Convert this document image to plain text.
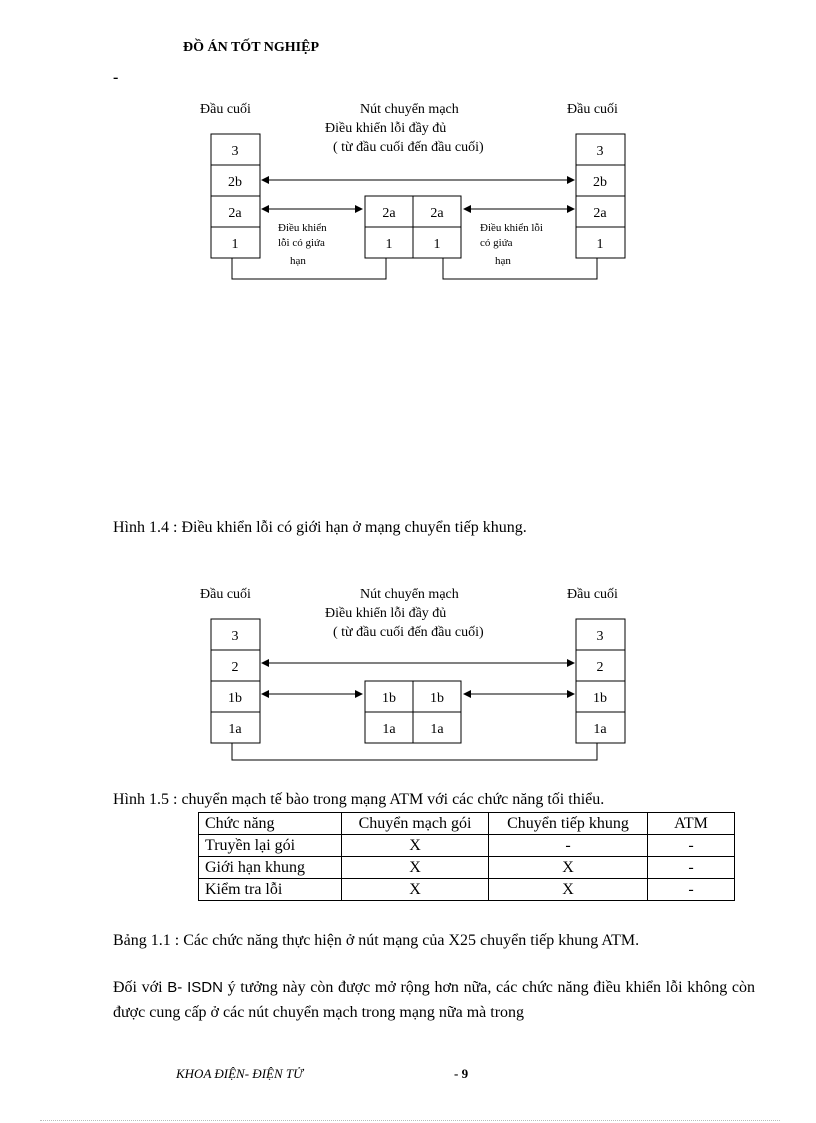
ĐỒ ÁN TỐT NGHIỆP
-
Đầu cuối	Đầu cuối
Nút chuyển mạch
Điều khiển lỗi đầy đủ
( từ đầu cuối đến đầu cuối)
3
2b
2a
1
3
2b
2a
1
2a 2a
1	1
Điều khiển
lỗi có giứa
hạn
Điều khiển lỗi
có giứa
hạn
Hình 1.4 : Điều khiển lỗi có giới hạn ở mạng chuyển tiếp khung.
Đầu cuối	Đầu cuối
Nút chuyển mạch
Điều khiển lỗi đầy đủ
( từ đầu cuối đến đầu cuối)
3
2
1b
1a
3
2
1b
1a
1b 1b
1a 1a
Hình 1.5 : chuyển mạch tế bào trong mạng ATM với các chức năng tối thiểu.
Chức năng	Chuyển mạch gói	Chuyển tiếp khung	ATM
Truyền lại gói	X	-	-
Giới hạn khung	X	X	-
Kiểm tra lỗi	X	X	-
Bảng 1.1 : Các chức năng thực hiện ở nút mạng của X25 chuyển tiếp khung ATM.
Đối với B- ISDN ý tưởng này còn được mở rộng hơn nữa, các chức năng điều khiển lỗi không còn được cung cấp ở các nút chuyển mạch trong mạng nữa mà trong
KHOA ĐIỆN- ĐIỆN TỬ	- 9
